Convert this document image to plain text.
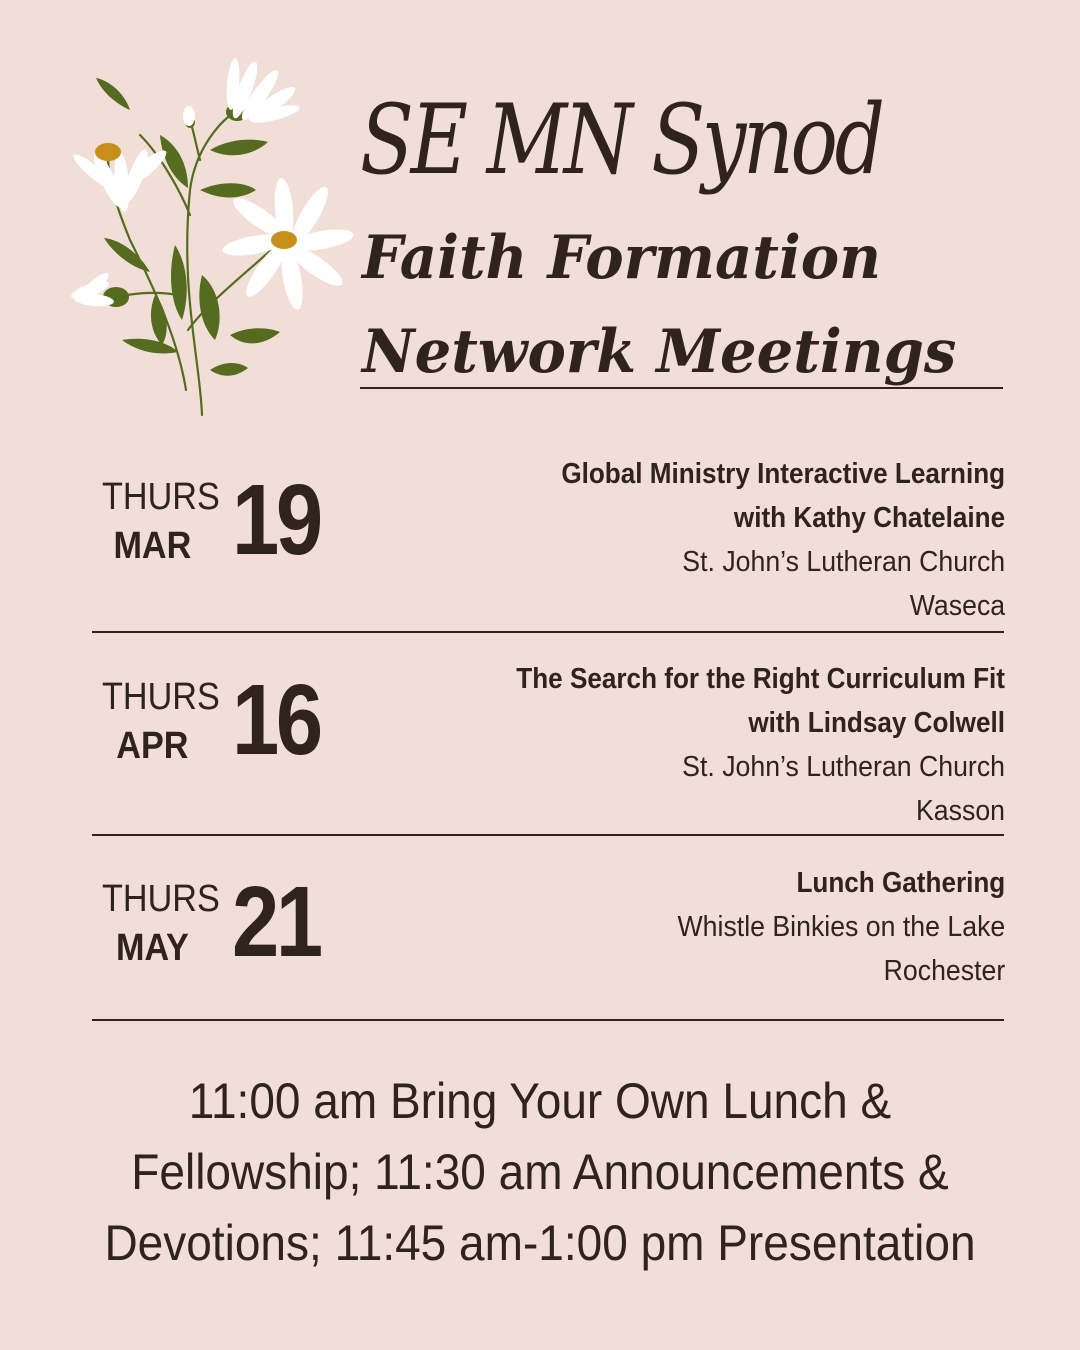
SE MN Synod
Faith Formation
Network Meetings
THURS
MAR 19	Global Ministry Interactive Learning
with Kathy Chatelaine
St. John’s Lutheran Church
Waseca
THURS
APR 16	The Search for the Right Curriculum Fit
with Lindsay Colwell
St. John’s Lutheran Church
Kasson
THURS
MAY 21	Lunch Gathering
Whistle Binkies on the Lake
Rochester
11:00 am Bring Your Own Lunch &
Fellowship; 11:30 am Announcements &
Devotions; 11:45 am-1:00 pm Presentation
